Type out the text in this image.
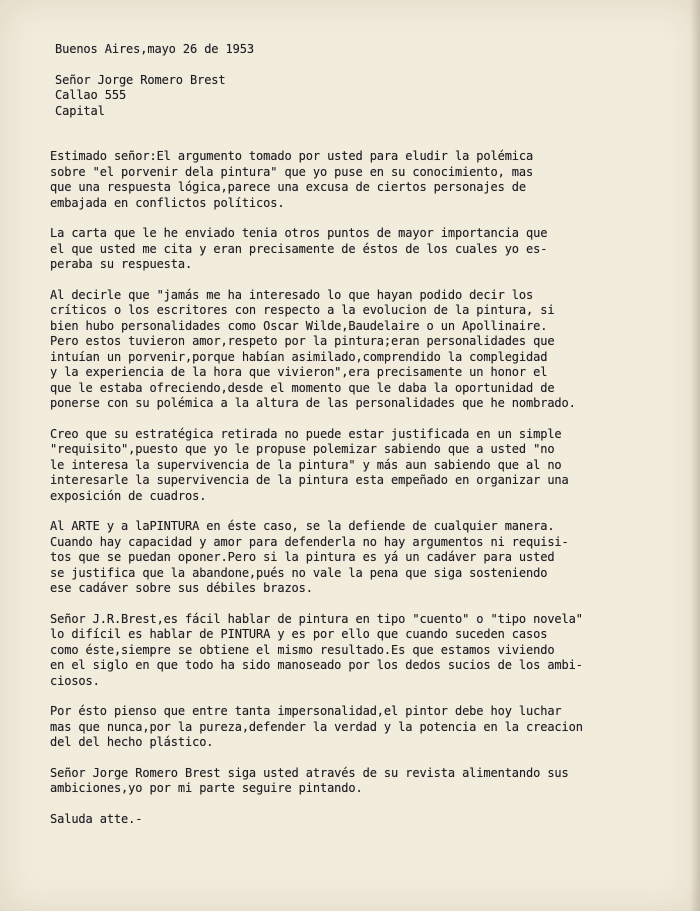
Buenos Aires,mayo 26 de 1953
Señor Jorge Romero Brest
Callao 555
Capital
Estimado señor:El argumento tomado por usted para eludir la polémica
sobre "el porvenir dela pintura" que yo puse en su conocimiento, mas
que una respuesta lógica,parece una excusa de ciertos personajes de
embajada en conflictos políticos.
La carta que le he enviado tenia otros puntos de mayor importancia que
el que usted me cita y eran precisamente de éstos de los cuales yo es-
peraba su respuesta.
Al decirle que "jamás me ha interesado lo que hayan podido decir los
críticos o los escritores con respecto a la evolucion de la pintura, si
bien hubo personalidades como Oscar Wilde,Baudelaire o un Apollinaire.
Pero estos tuvieron amor,respeto por la pintura;eran personalidades que
intuían un porvenir,porque habían asimilado,comprendido la complegidad
y la experiencia de la hora que vivieron",era precisamente un honor el
que le estaba ofreciendo,desde el momento que le daba la oportunidad de
ponerse con su polémica a la altura de las personalidades que he nombrado.
Creo que su estratégica retirada no puede estar justificada en un simple
"requisito",puesto que yo le propuse polemizar sabiendo que a usted "no
le interesa la supervivencia de la pintura" y más aun sabiendo que al no
interesarle la supervivencia de la pintura esta empeñado en organizar una
exposición de cuadros.
Al ARTE y a laPINTURA en éste caso, se la defiende de cualquier manera.
Cuando hay capacidad y amor para defenderla no hay argumentos ni requisi-
tos que se puedan oponer.Pero si la pintura es yá un cadáver para usted
se justifica que la abandone,pués no vale la pena que siga sosteniendo
ese cadáver sobre sus débiles brazos.
Señor J.R.Brest,es fácil hablar de pintura en tipo "cuento" o "tipo novela"
lo difícil es hablar de PINTURA y es por ello que cuando suceden casos
como éste,siempre se obtiene el mismo resultado.Es que estamos viviendo
en el siglo en que todo ha sido manoseado por los dedos sucios de los ambi-
ciosos.
Por ésto pienso que entre tanta impersonalidad,el pintor debe hoy luchar
mas que nunca,por la pureza,defender la verdad y la potencia en la creacion
del del hecho plástico.
Señor Jorge Romero Brest siga usted através de su revista alimentando sus
ambiciones,yo por mi parte seguire pintando.
Saluda atte.-
